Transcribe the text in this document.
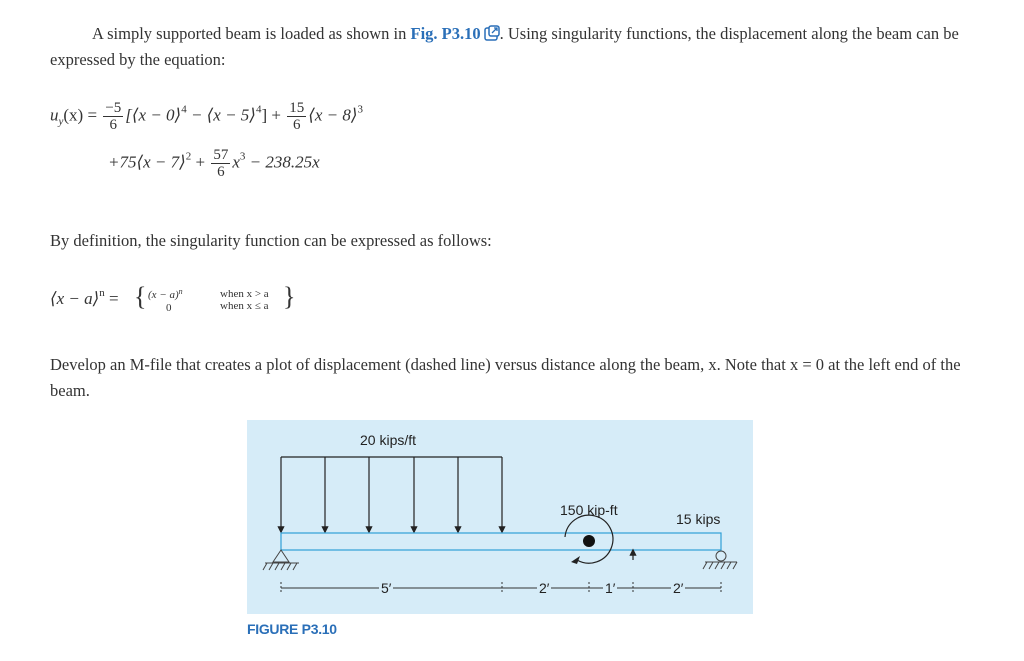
A simply supported beam is loaded as shown in Fig. P3.10 . Using singularity functions, the displacement along the beam can be expressed by the equation:
$u_y(x) = \frac{-5}{6}$ [⟨x − 0⟩$^4$ − ⟨x − 5⟩$^4$] + $\frac{15}{6}$ ⟨x − 8⟩$^3$
+75⟨x − 7⟩$^2$ + $\frac{57}{6} x^3 - 238.25x$
By definition, the singularity function can be expressed as follows:
⟨x − a⟩$^n$ = { $(x - a)^n$
0
when x > a
when x ≤ a }
Develop an M-file that creates a plot of displacement (dashed line) versus distance along the beam, x. Note that x = 0 at the left end of the beam.
20 kips/ft
150 kip-ft
15 kips
5′	2′	1′	2′
FIGURE P3.10
